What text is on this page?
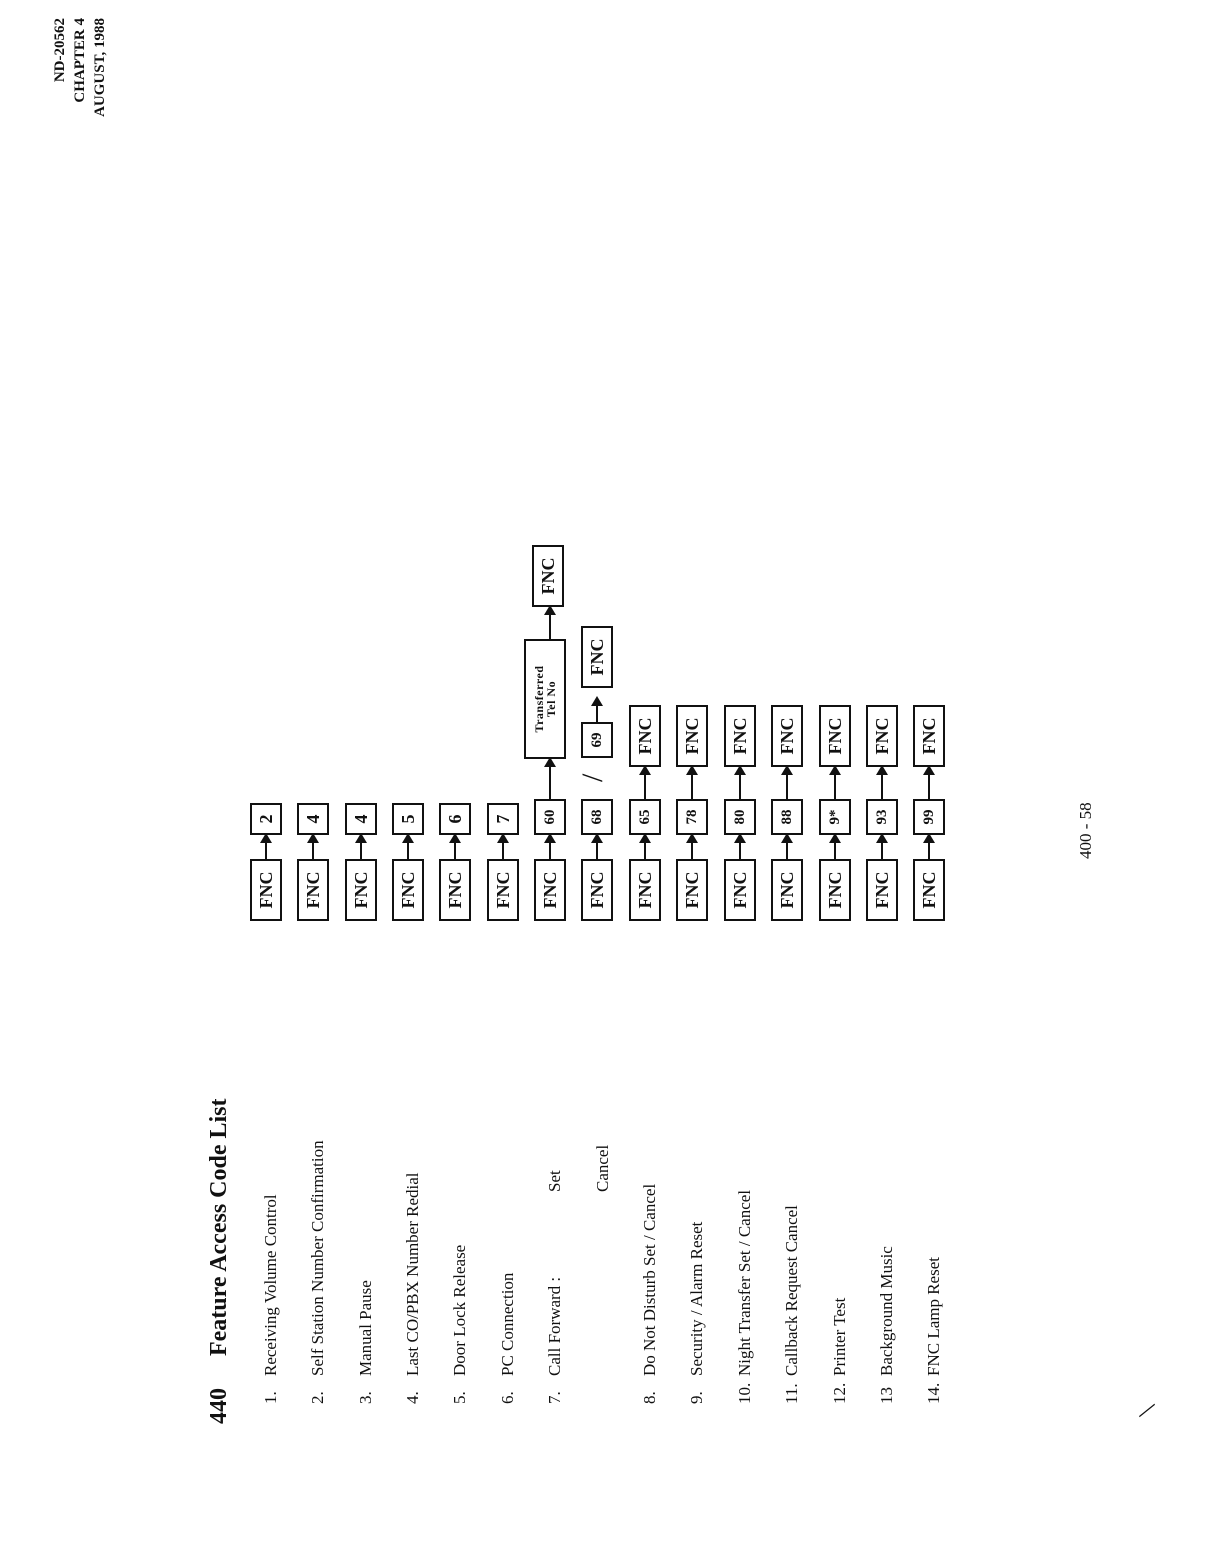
ND-20562 CHAPTER 4 AUGUST, 1988
440 Feature Access Code List
1.Receiving Volume Control
2.Self Station Number Confirmation
3.Manual Pause
4.Last CO/PBX Number Redial
5.Door Lock Release
6.PC Connection
7.Call Forward :
Set Cancel
8.Do Not Disturb Set / Cancel
9.Security / Alarm Reset
10.Night Transfer Set / Cancel
11.Callback Request Cancel
12.Printer Test
13Background Music
14.FNC Lamp Reset
FNC
2
FNC
4
FNC
4
FNC
5
FNC
6
FNC
7
FNC
60
Transferred Tel No
FNC
FNC
68
/
69
FNC
FNC
65
FNC
FNC
78
FNC
FNC
80
FNC
FNC
88
FNC
FNC
9*
FNC
FNC
93
FNC
FNC
99
FNC
400 - 58
\
